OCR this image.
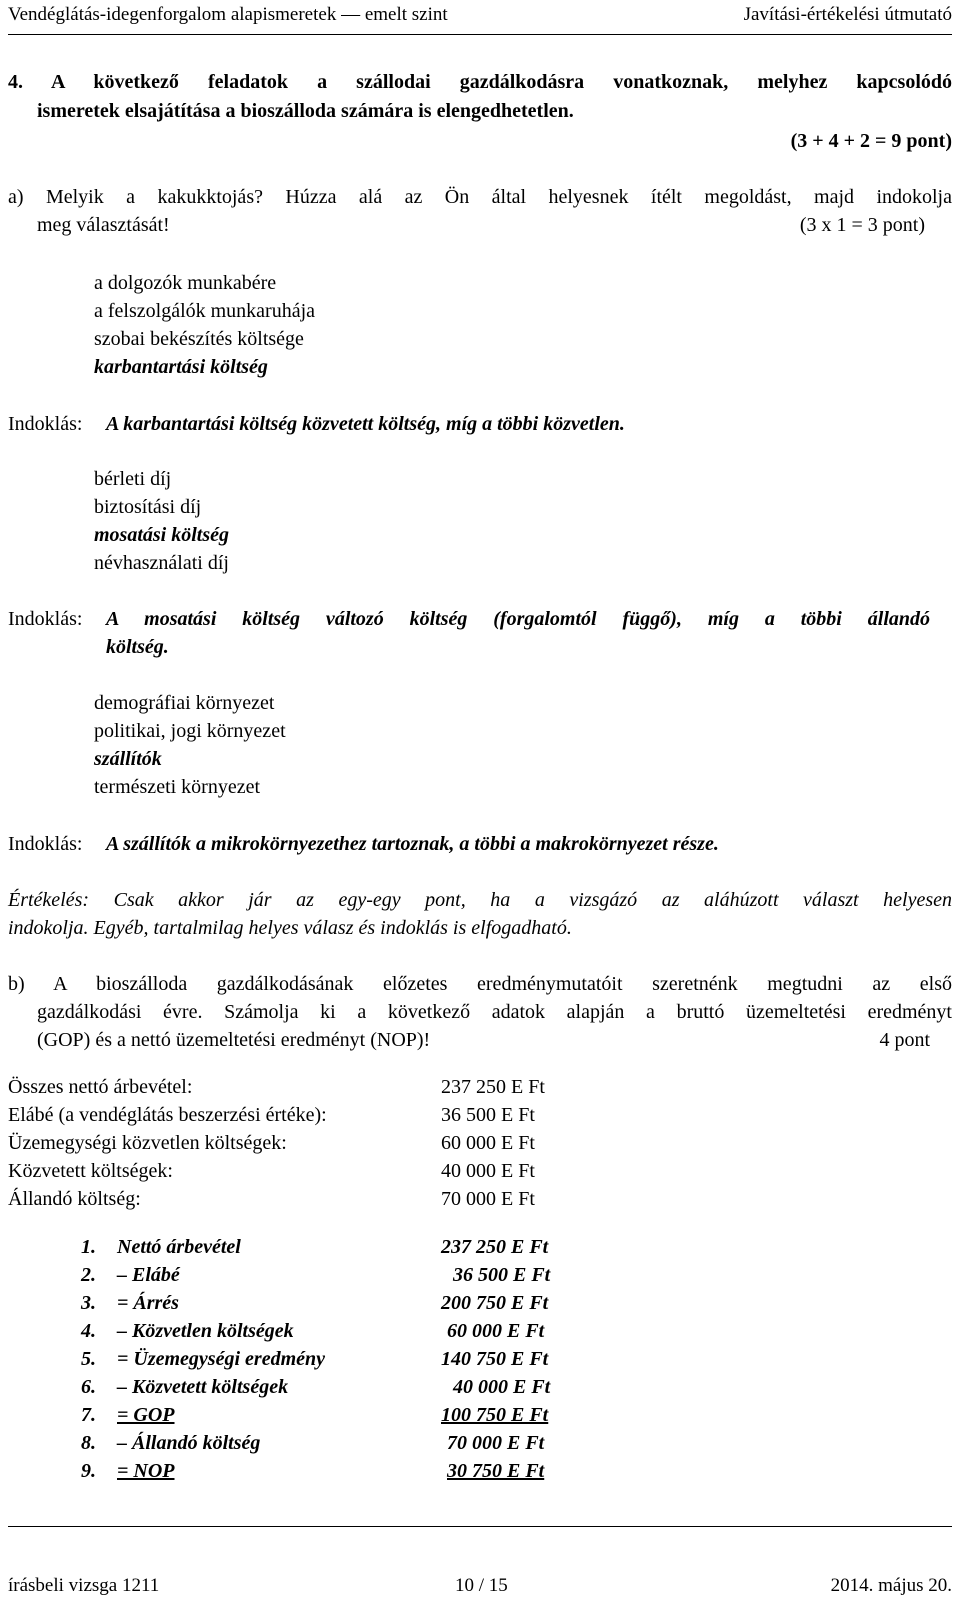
Vendéglátás-idegenforgalom alapismeretek — emelt szint	Javítási-értékelési útmutató
4. A következő feladatok a szállodai gazdálkodásra vonatkoznak, melyhez kapcsolódó
ismeretek elsajátítása a bioszálloda számára is elengedhetetlen.
(3 + 4 + 2 = 9 pont)
a) Melyik a kakukktojás? Húzza alá az Ön által helyesnek ítélt megoldást, majd indokolja
meg választását!	(3 x 1 = 3 pont)
a dolgozók munkabére
a felszolgálók munkaruhája
szobai bekészítés költsége
karbantartási költség
Indoklás: A karbantartási költség közvetett költség, míg a többi közvetlen.
bérleti díj
biztosítási díj
mosatási költség
névhasználati díj
Indoklás: A mosatási költség változó költség (forgalomtól függő), míg a többi állandó
költség.
demográfiai környezet
politikai, jogi környezet
szállítók
természeti környezet
Indoklás: A szállítók a mikrokörnyezethez tartoznak, a többi a makrokörnyezet része.
Értékelés: Csak akkor jár az egy-egy pont, ha a vizsgázó az aláhúzott választ helyesen
indokolja. Egyéb, tartalmilag helyes válasz és indoklás is elfogadható.
b) A bioszálloda gazdálkodásának előzetes eredménymutatóit szeretnénk megtudni az első
gazdálkodási évre. Számolja ki a következő adatok alapján a bruttó üzemeltetési eredményt
(GOP) és a nettó üzemeltetési eredményt (NOP)!	4 pont
Összes nettó árbevétel:	237 250 E Ft
Elábé (a vendéglátás beszerzési értéke):	36 500 E Ft
Üzemegységi közvetlen költségek:	60 000 E Ft
Közvetett költségek:	40 000 E Ft
Állandó költség:	70 000 E Ft
1. Nettó árbevétel	237 250 E Ft
2. – Elábé	36 500 E Ft
3. = Árrés	200 750 E Ft
4. – Közvetlen költségek	60 000 E Ft
5. = Üzemegységi eredmény	140 750 E Ft
6. – Közvetett költségek	40 000 E Ft
7. = GOP	100 750 E Ft
8. – Állandó költség	70 000 E Ft
9. = NOP	30 750 E Ft
írásbeli vizsga 1211	10 / 15	2014. május 20.
